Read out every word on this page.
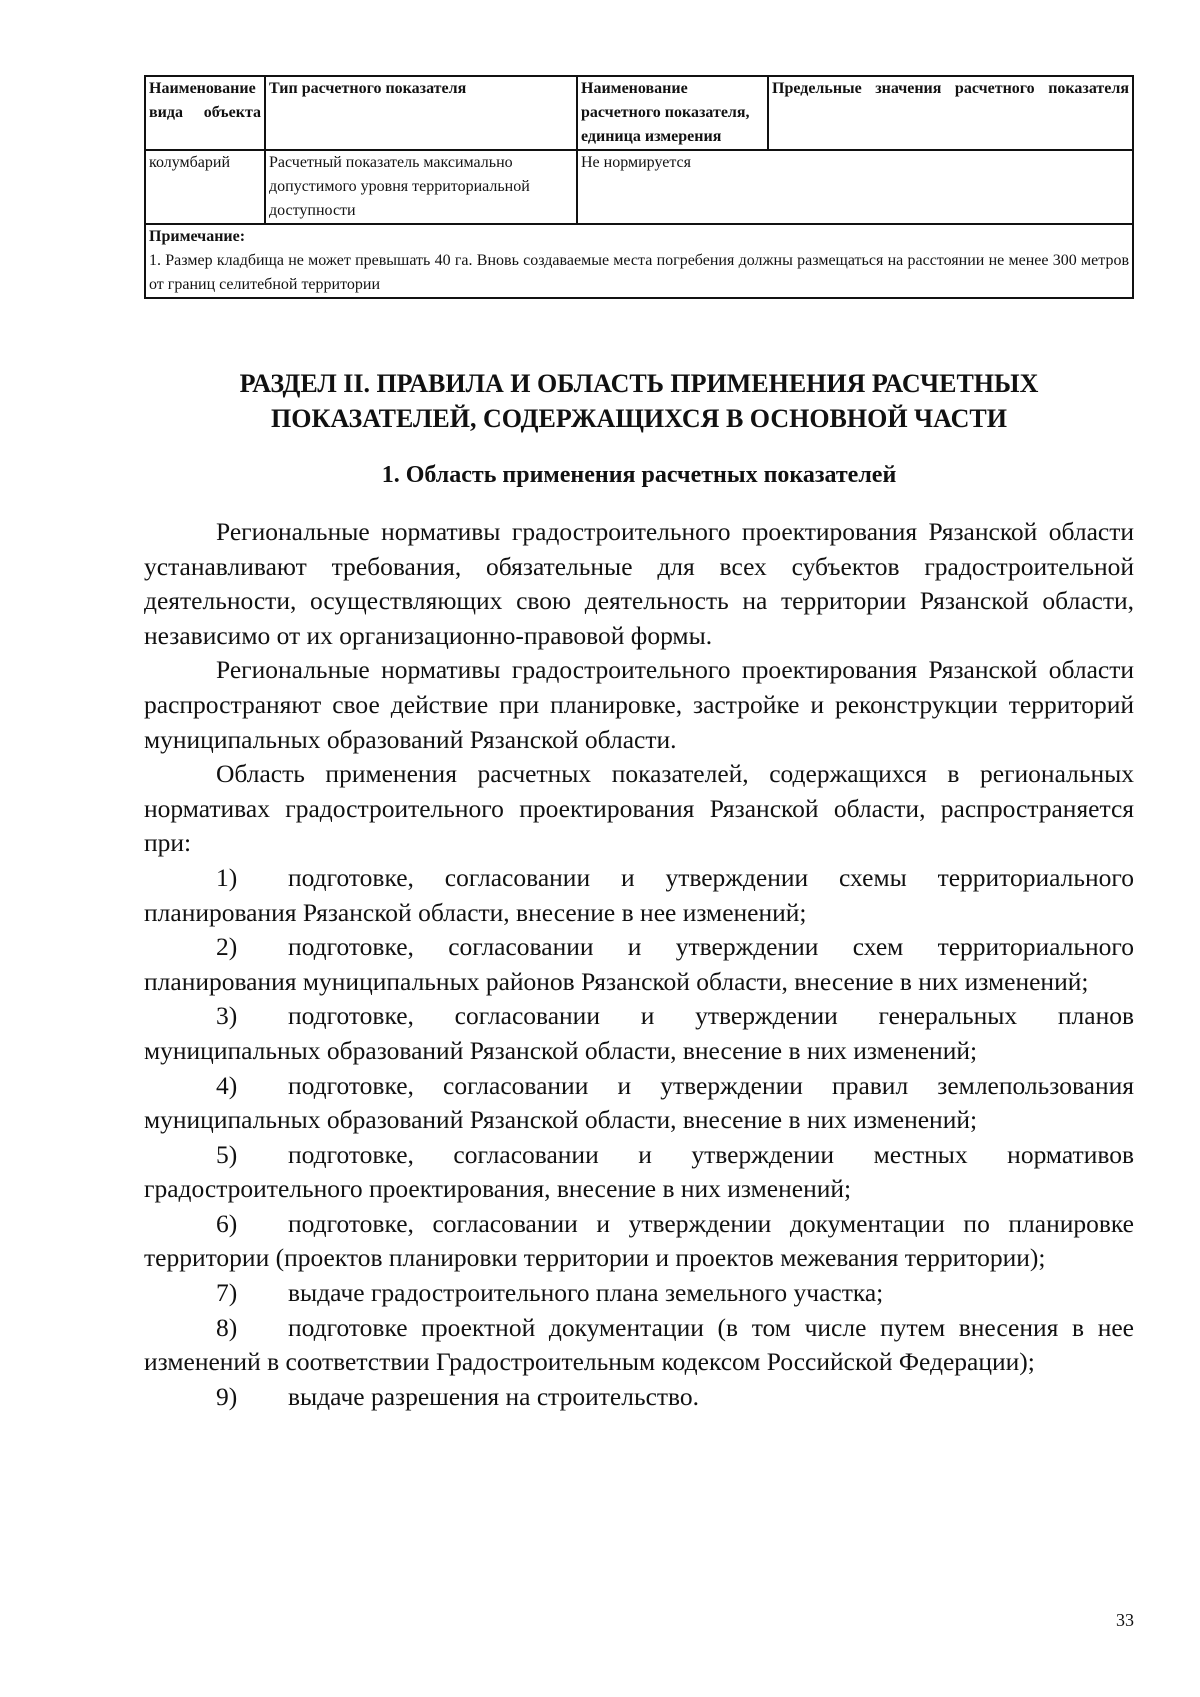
Наименование вида объекта	Тип расчетного показателя	Наименование расчетного показателя, единица измерения	Предельные значения расчетного показателя
колумбарий	Расчетный показатель максимально допустимого уровня территориальной доступности	Не нормируется	

Примечание:
1. Размер кладбища не может превышать 40 га. Вновь создаваемые места погребения должны размещаться на расстоянии не менее 300 метров от границ селитебной территории			
РАЗДЕЛ II. ПРАВИЛА И ОБЛАСТЬ ПРИМЕНЕНИЯ РАСЧЕТНЫХ
ПОКАЗАТЕЛЕЙ, СОДЕРЖАЩИХСЯ В ОСНОВНОЙ ЧАСТИ
1. Область применения расчетных показателей

Региональные нормативы градостроительного проектирования Рязанской области устанавливают требования, обязательные для всех субъектов градостроительной деятельности, осуществляющих свою деятельность на территории Рязанской области, независимо от их организационно-правовой формы.

Региональные нормативы градостроительного проектирования Рязанской области распространяют свое действие при планировке, застройке и реконструкции территорий муниципальных образований Рязанской области.

Область применения расчетных показателей, содержащихся в региональных нормативах градостроительного проектирования Рязанской области, распространяется при:

1) подготовке, согласовании и утверждении схемы территориального планирования Рязанской области, внесение в нее изменений;

2) подготовке, согласовании и утверждении схем территориального планирования муниципальных районов Рязанской области, внесение в них изменений;

3) подготовке, согласовании и утверждении генеральных планов муниципальных образований Рязанской области, внесение в них изменений;

4) подготовке, согласовании и утверждении правил землепользования муниципальных образований Рязанской области, внесение в них изменений;

5) подготовке, согласовании и утверждении местных нормативов градостроительного проектирования, внесение в них изменений;

6) подготовке, согласовании и утверждении документации по планировке территории (проектов планировки территории и проектов межевания территории);

7) выдаче градостроительного плана земельного участка;

8) подготовке проектной документации (в том числе путем внесения в нее изменений в соответствии Градостроительным кодексом Российской Федерации);

9) выдаче разрешения на строительство.

33
